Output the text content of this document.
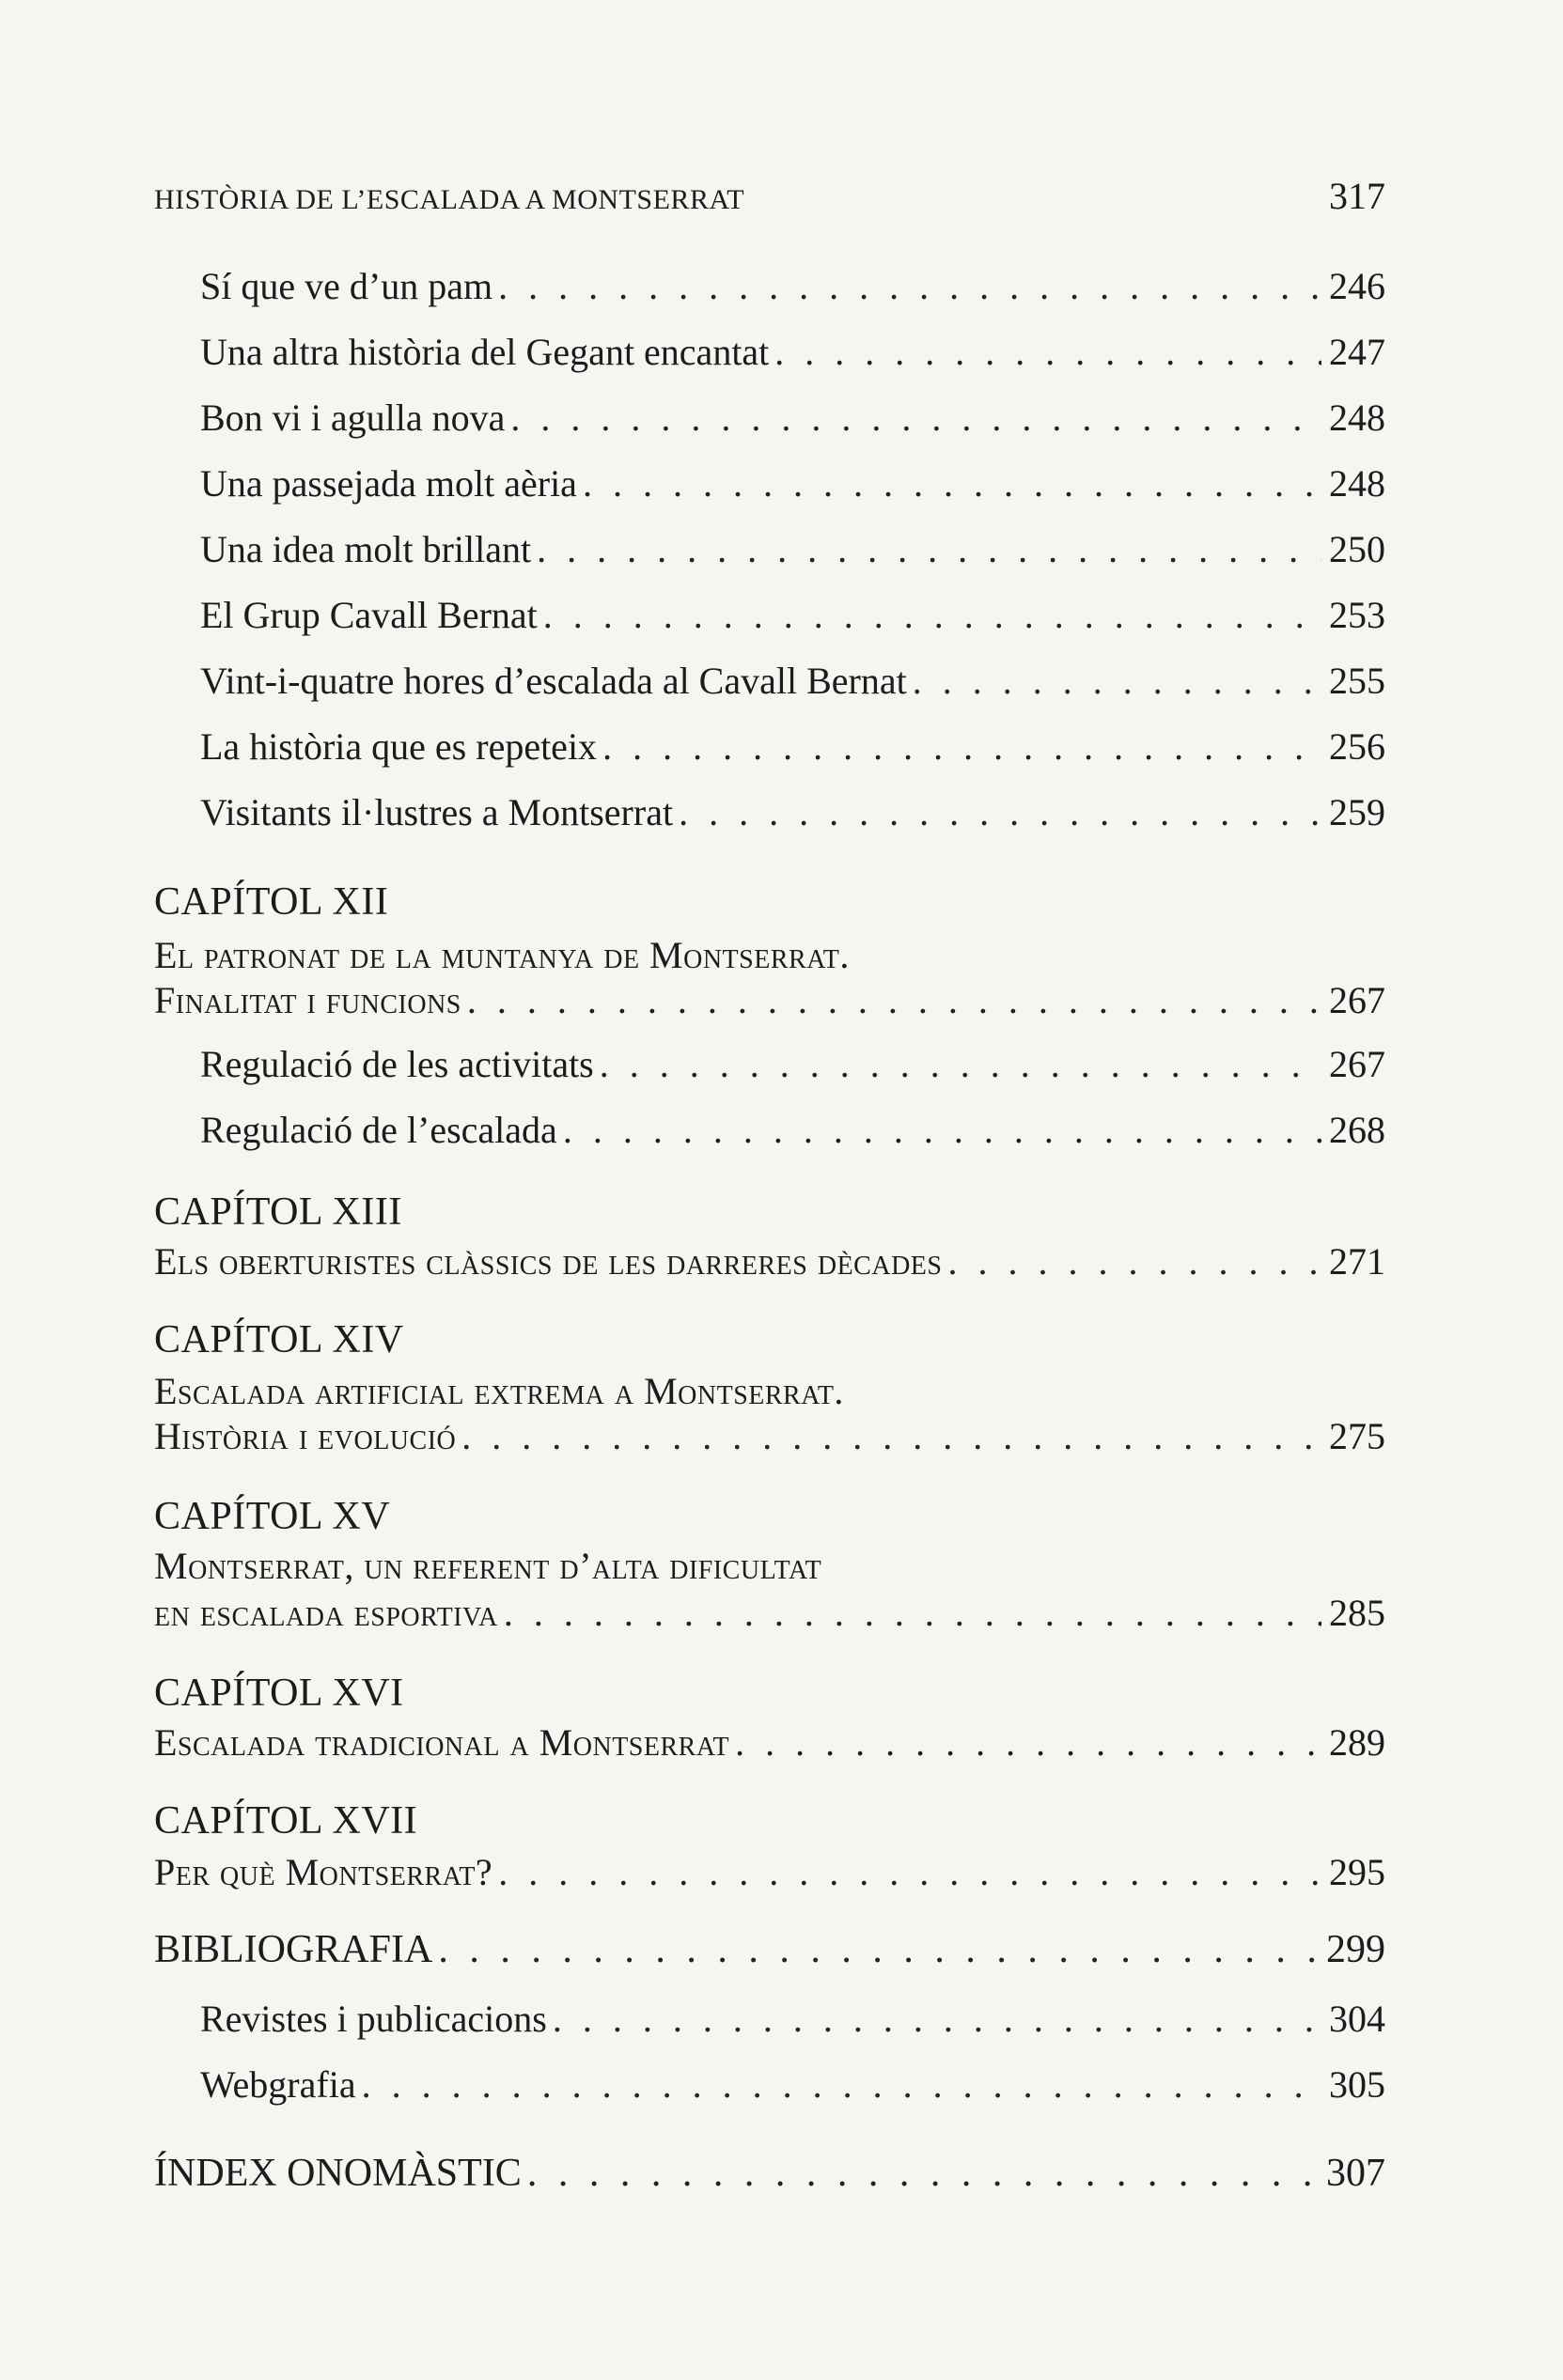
HISTÒRIA DE L’ESCALADA A MONTSERRAT	317
Sí que ve d’un pam . . .	246
Una altra història del Gegant encantat . . .	247
Bon vi i agulla nova . . .	248
Una passejada molt aèria . . .	248
Una idea molt brillant . . .	250
El Grup Cavall Bernat . . .	253
Vint-i-quatre hores d’escalada al Cavall Bernat . . .	255
La història que es repeteix . . .	256
Visitants il·lustres a Montserrat . . .	259
CAPÍTOL XII
El patronat de la muntanya de Montserrat.
Finalitat i funcions . . .	267
Regulació de les activitats . . .	267
Regulació de l’escalada . . .	268
CAPÍTOL XIII
Els oberturistes clàssics de les darreres dècades . . .	271
CAPÍTOL XIV
Escalada artificial extrema a Montserrat.
Història i evolució . . .	275
CAPÍTOL XV
Montserrat, un referent d’alta dificultat
en escalada esportiva . . .	285
CAPÍTOL XVI
Escalada tradicional a Montserrat . . .	289
CAPÍTOL XVII
Per què Montserrat? . . .	295
BIBLIOGRAFIA . . .	299
Revistes i publicacions . . .	304
Webgrafia . . .	305
ÍNDEX ONOMÀSTIC . . .	307
